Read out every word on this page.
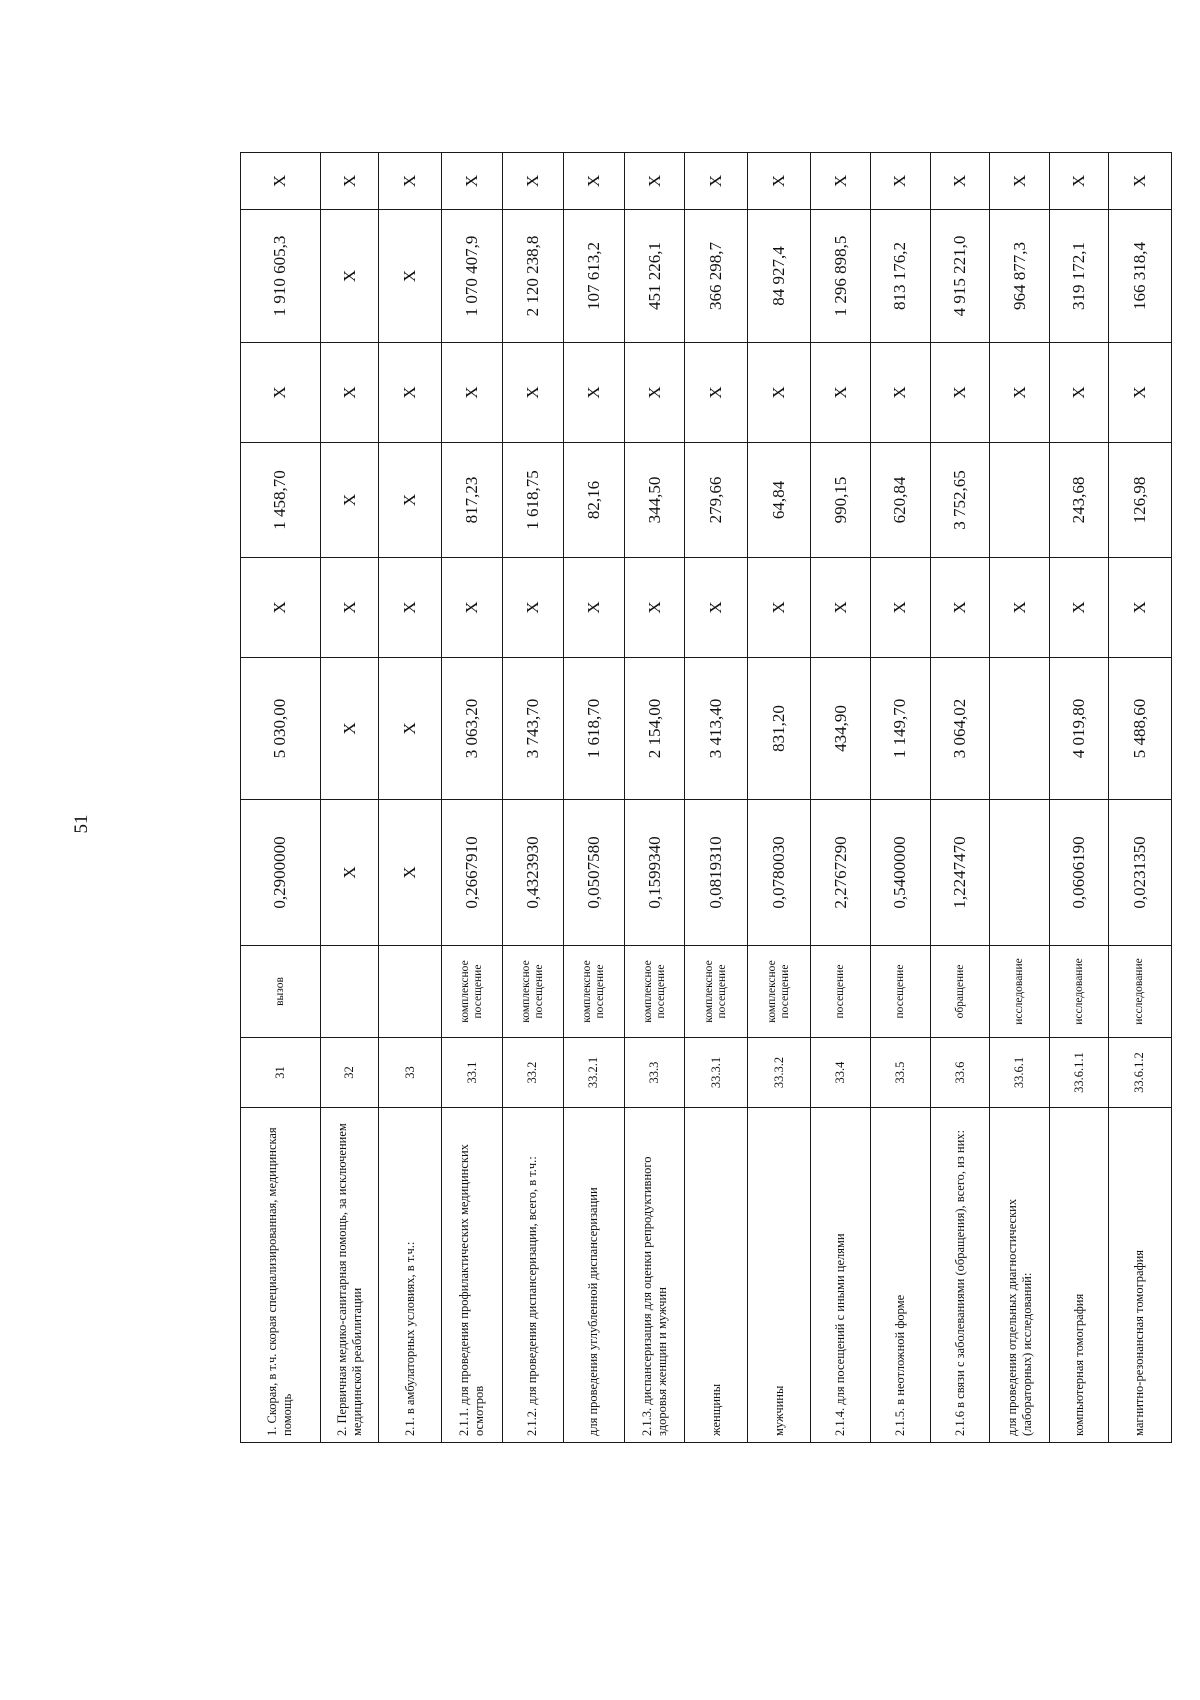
51
1. Скорая, в т.ч. скорая специализированная, медицинская помощь	31	вызов	0,2900000	5 030,00	Х	1 458,70	Х	1 910 605,3	Х
2. Первичная медико-санитарная помощь, за исключением медицинской реабилитации	32		Х	Х	Х	Х	Х	Х	Х
2.1. в амбулаторных условиях, в т.ч.:	33		Х	Х	Х	Х	Х	Х	Х
2.1.1. для проведения профилактических медицинских осмотров	33.1	комплексное посещение	0,2667910	3 063,20	Х	817,23	Х	1 070 407,9	Х
2.1.2. для проведения диспансеризации, всего, в т.ч.:	33.2	комплексное посещение	0,4323930	3 743,70	Х	1 618,75	Х	2 120 238,8	Х
для проведения углубленной диспансеризации	33.2.1	комплексное посещение	0,0507580	1 618,70	Х	82,16	Х	107 613,2	Х
2.1.3. диспансеризация для оценки репродуктивного здоровья женщин и мужчин	33.3	комплексное посещение	0,1599340	2 154,00	Х	344,50	Х	451 226,1	Х
женщины	33.3.1	комплексное посещение	0,0819310	3 413,40	Х	279,66	Х	366 298,7	Х
мужчины	33.3.2	комплексное посещение	0,0780030	831,20	Х	64,84	Х	84 927,4	Х
2.1.4. для посещений с иными целями	33.4	посещение	2,2767290	434,90	Х	990,15	Х	1 296 898,5	Х
2.1.5. в неотложной форме	33.5	посещение	0,5400000	1 149,70	Х	620,84	Х	813 176,2	Х
2.1.6 в связи с заболеваниями (обращения), всего, из них:	33.6	обращение	1,2247470	3 064,02	Х	3 752,65	Х	4 915 221,0	Х
для проведения отдельных диагностических (лабораторных) исследований:	33.6.1	исследование			Х		Х	964 877,3	Х
компьютерная томография	33.6.1.1	исследование	0,0606190	4 019,80	Х	243,68	Х	319 172,1	Х
магнитно-резонансная томография	33.6.1.2	исследование	0,0231350	5 488,60	Х	126,98	Х	166 318,4	Х
